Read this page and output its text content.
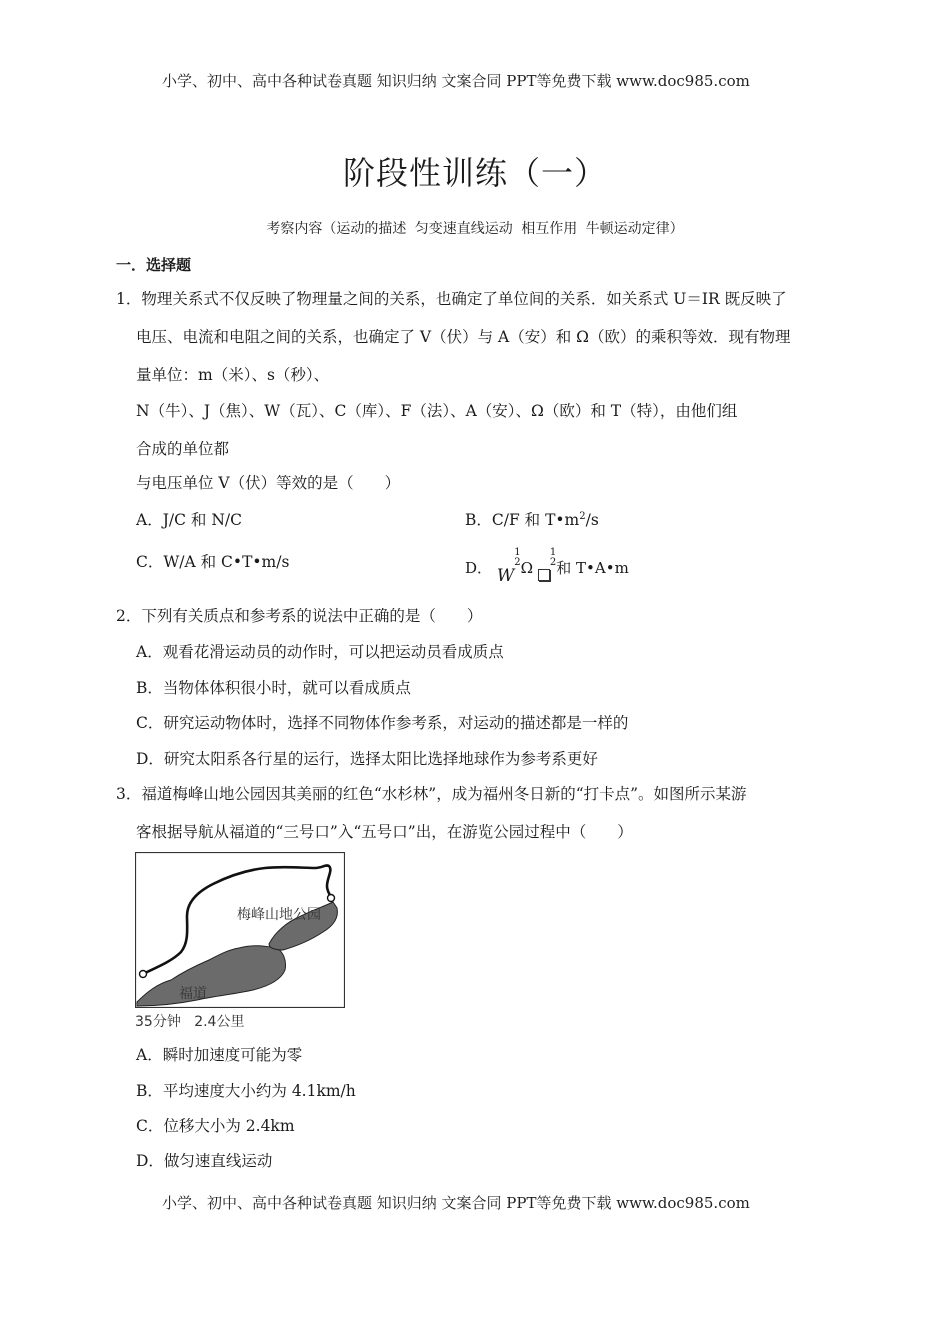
小学、初中、高中各种试卷真题 知识归纳 文案合同 PPT等免费下载 www.doc985.com
阶段性训练（一）
考察内容（运动的描述 匀变速直线运动 相互作用 牛顿运动定律）
一．选择题
1．物理关系式不仅反映了物理量之间的关系，也确定了单位间的关系．如关系式 U＝IR 既反映了
电压、电流和电阻之间的关系，也确定了 V（伏）与 A（安）和 Ω（欧）的乘积等效．现有物理
量单位：m（米）、s（秒）、
N（牛）、J（焦）、W（瓦）、C（库）、F（法）、A（安）、Ω（欧）和 T（特），由他们组
合成的单位都
与电压单位 V（伏）等效的是（　　）
A．J/C 和 N/C	B．C/F 和 $T•m^2/s$
C．W/A 和 C•T•m/s	D． W1
2Ω 1
2和 T•A•m
2．下列有关质点和参考系的说法中正确的是（　　）
A．观看花滑运动员的动作时，可以把运动员看成质点
B．当物体体积很小时，就可以看成质点
C．研究运动物体时，选择不同物体作参考系，对运动的描述都是一样的
D．研究太阳系各行星的运行，选择太阳比选择地球作为参考系更好
3．福道梅峰山地公园因其美丽的红色“水杉林”，成为福州冬日新的“打卡点”。如图所示某游
客根据导航从福道的“三号口”入“五号口”出，在游览公园过程中（　　）
梅峰山地公园
福道
35分钟 2.4公里
A．瞬时加速度可能为零
B．平均速度大小约为 4.1km/h
C．位移大小为 2.4km
D．做匀速直线运动
小学、初中、高中各种试卷真题 知识归纳 文案合同 PPT等免费下载 www.doc985.com
